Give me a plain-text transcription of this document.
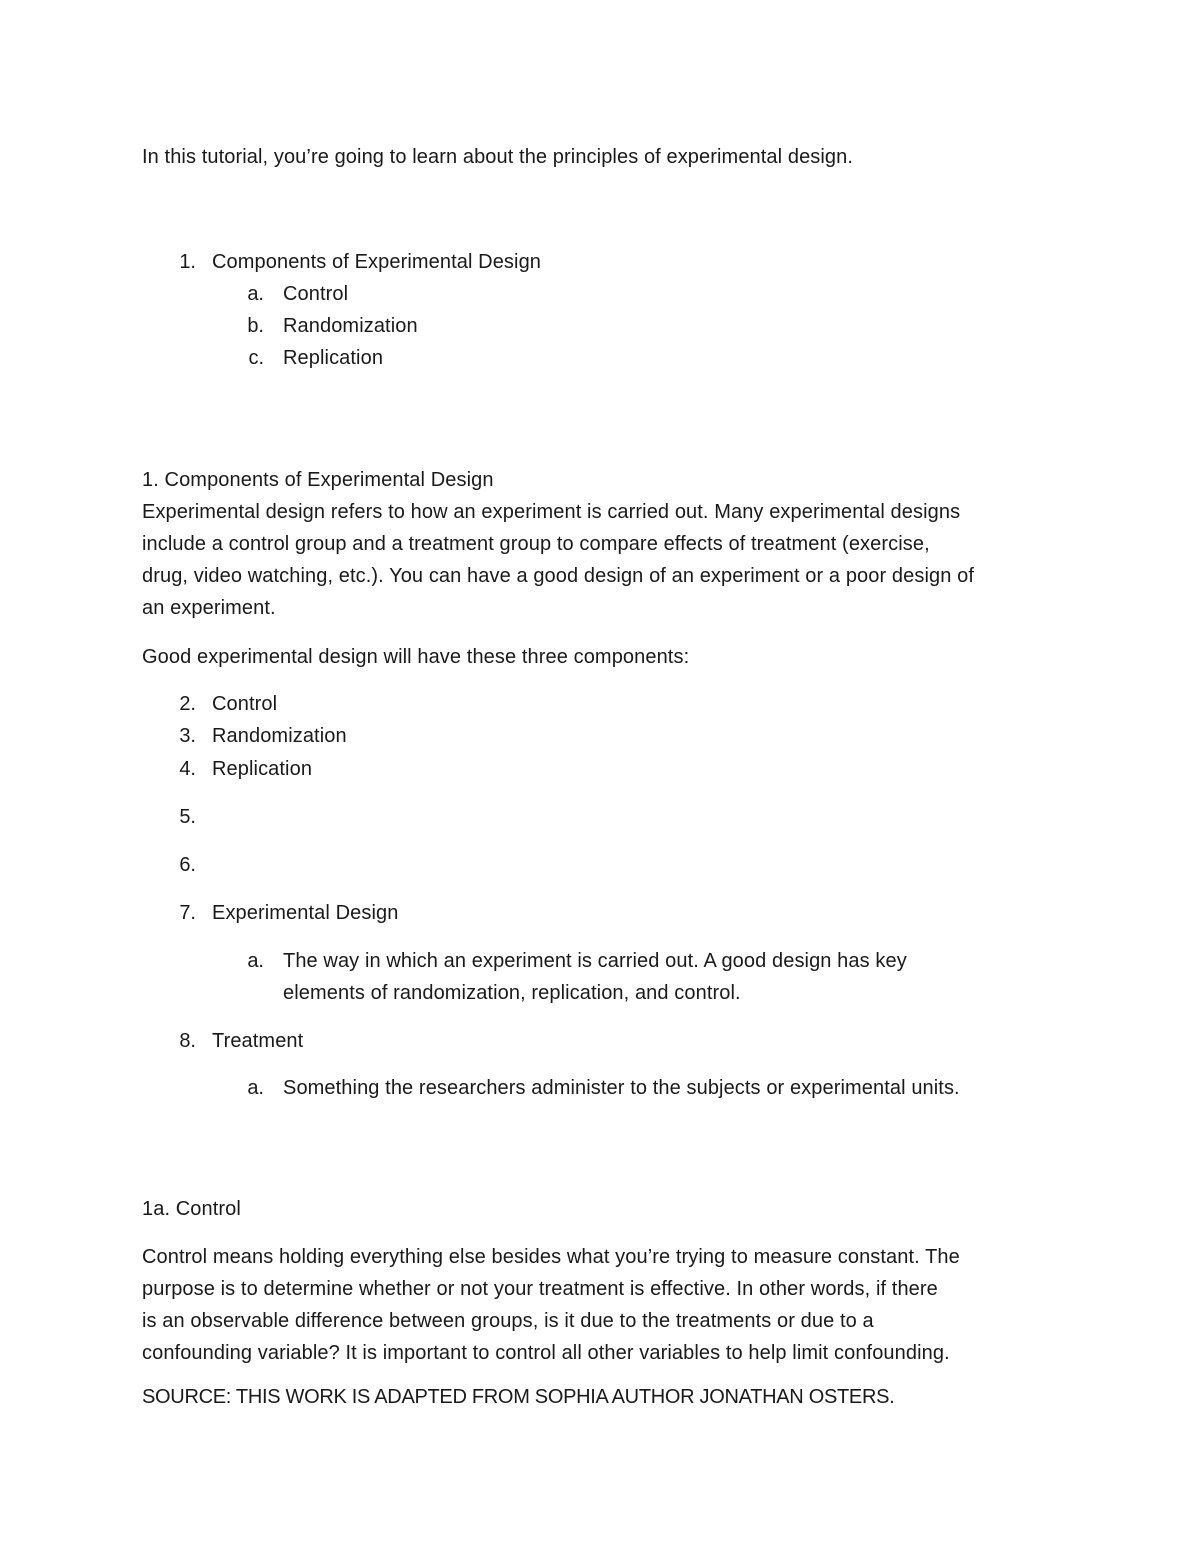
In this tutorial, you’re going to learn about the principles of experimental design.
1. Components of Experimental Design
a. Control
b. Randomization
c. Replication
1. Components of Experimental Design
Experimental design refers to how an experiment is carried out. Many experimental designs
include a control group and a treatment group to compare effects of treatment (exercise,
drug, video watching, etc.). You can have a good design of an experiment or a poor design of
an experiment.
Good experimental design will have these three components:
2. Control
3. Randomization
4. Replication
5.
6.
7. Experimental Design
a. The way in which an experiment is carried out. A good design has key
elements of randomization, replication, and control.
8. Treatment
a. Something the researchers administer to the subjects or experimental units.
1a. Control
Control means holding everything else besides what you’re trying to measure constant. The
purpose is to determine whether or not your treatment is effective. In other words, if there
is an observable difference between groups, is it due to the treatments or due to a
confounding variable? It is important to control all other variables to help limit confounding.
SOURCE: THIS WORK IS ADAPTED FROM SOPHIA AUTHOR JONATHAN OSTERS.
